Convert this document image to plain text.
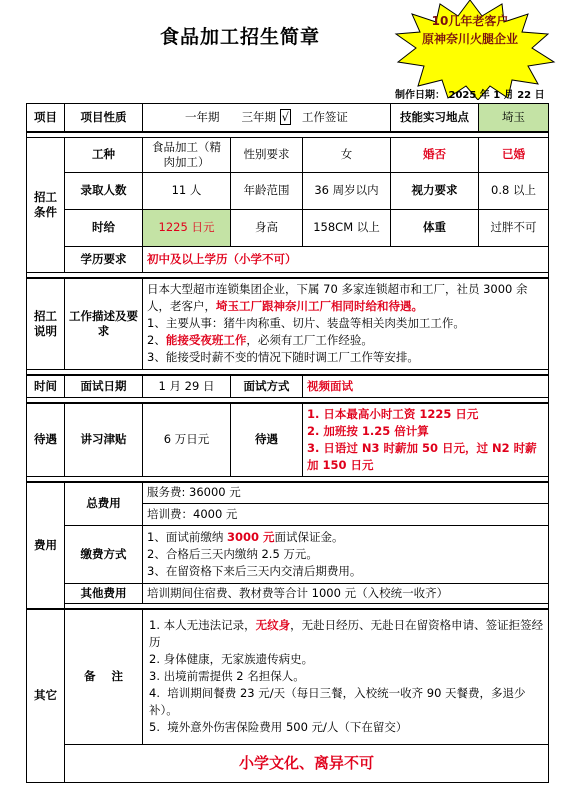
食品加工招生简章
10几年老客户
原神奈川火腿企业
制作日期： 2025 年 1 月 22 日
项目	项目性质	一年期 三年期 √ 工作签证			技能实习地点	埼玉

招工条件	工种	食品加工（精肉加工）	性别要求	女	婚否	已婚
	录取人数	11 人	年龄范围	36 周岁以内	视力要求	0.8 以上
	时给	1225 日元	身高	158CM 以上	体重	过胖不可
	学历要求	初中及以上学历（小学不可）				

招工说明	工作描述及要求	日本大型超市连锁集团企业，下属 70 多家连锁超市和工厂，社员 3000 余人，老客户，埼玉工厂跟神奈川工厂相同时给和待遇。
1、主要从事：猪牛肉称重、切片、装盘等相关肉类加工工作。
2、能接受夜班工作，必须有工厂工作经验。
3、能接受时薪不变的情况下随时调工厂工作等安排。				

时间	面试日期	1 月 29 日	面试方式	视频面试		

待遇	讲习津贴	6 万日元	待遇	1. 日本最高小时工资 1225 日元
2. 加班按 1.25 倍计算
3. 日语过 N3 时薪加 50 日元，过 N2 时薪加 150 日元		

费用	总费用	服务费: 36000 元				
		培训费：4000 元				
	缴费方式	1、面试前缴纳 3000 元面试保证金。
2、合格后三天内缴纳 2.5 万元。
3、在留资格下来后三天内交清后期费用。				
	其他费用	培训期间住宿费、教材费等合计 1000 元（入校统一收齐）				

其它	备    注	1. 本人无违法记录，无纹身，无赴日经历、无赴日在留资格申请、签证拒签经历
2. 身体健康，无家族遗传病史。
3. 出境前需提供 2 名担保人。
4.  培训期间餐费 23 元/天（每日三餐，入校统一收齐 90 天餐费，多退少补）。
5.  境外意外伤害保险费用 500 元/人（下在留交）				

	小学文化、离异不可					
